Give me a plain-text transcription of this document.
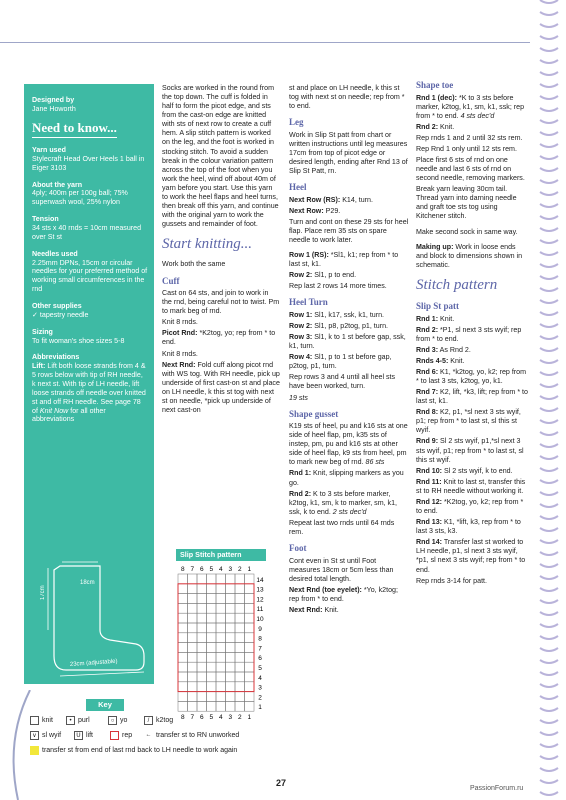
Designed by

Jane Howorth

Need to know...

Yarn used

Stylecraft Head Over Heels 1 ball in Eiger 3103

About the yarn

4ply; 400m per 100g ball; 75% superwash wool, 25% nylon

Tension

34 sts x 40 rnds = 10cm measured over St st

Needles used

2.25mm DPNs, 15cm or circular needles for your preferred method of working small circumferences in the rnd

Other supplies

✓ tapestry needle

Sizing

To fit woman's shoe sizes 5-8

Abbreviations

Lift: Lift both loose strands from 4 & 5 rows below with tip of RH needle, k next st. With tip of LH needle, lift loose strands off needle over knitted st and off RH needle. See page 78 of Knit Now for all other abbreviations

17cm
18cm
23cm (adjustable)

Socks are worked in the round from the top down. The cuff is folded in half to form the picot edge, and sts from the cast-on edge are knitted with sts of next row to create a cuff hem. A slip stitch pattern is worked on the leg, and the foot is worked in stocking stitch. To avoid a sudden break in the colour variation pattern across the top of the foot when you work the heel, wind off about 40m of yarn before you start. Use this yarn to work the heel flaps and heel turns, then break off this yarn, and continue with the original yarn to work the gussets and remainder of foot.

Start knitting...

Work both the same

Cuff

Cast on 64 sts, and join to work in the rnd, being careful not to twist. Pm to mark beg of rnd.

Knit 8 rnds.

Picot Rnd: *K2tog, yo; rep from * to end.

Knit 8 rnds.

Next Rnd: Fold cuff along picot rnd with WS tog. With RH needle, pick up underside of first cast-on st and place on LH needle, k this st tog with next st on needle, *pick up underside of next cast-on

Slip Stitch pattern
8
8
7
7
6
6
5
5
4
4
3
3
2
2
1
1
14
13
12
11
10
9
8
7
6
5
4
3
2
1

st and place on LH needle, k this st tog with next st on needle; rep from * to end.

Leg

Work in Slip St patt from chart or written instructions until leg measures 17cm from top of picot edge or desired length, ending after Rnd 13 of Slip St Patt, rn.

Heel

Next Row (RS): K14, turn.

Next Row: P29.

Turn and cont on these 29 sts for heel flap. Place rem 35 sts on spare needle to work later.

Row 1 (RS): *Sl1, k1; rep from * to last st, k1.

Row 2: Sl1, p to end.

Rep last 2 rows 14 more times.

Heel Turn

Row 1: Sl1, k17, ssk, k1, turn.

Row 2: Sl1, p8, p2tog, p1, turn.

Row 3: Sl1, k to 1 st before gap, ssk, k1, turn.

Row 4: Sl1, p to 1 st before gap, p2tog, p1, turn.

Rep rows 3 and 4 until all heel sts have been worked, turn.

19 sts

Shape gusset

K19 sts of heel, pu and k16 sts at one side of heel flap, pm, k35 sts of instep, pm, pu and k16 sts at other side of heel flap, k9 sts from heel, pm to mark new beg of rnd. 86 sts

Rnd 1: Knit, slipping markers as you go.

Rnd 2: K to 3 sts before marker, k2tog, k1, sm, k to marker, sm, k1, ssk, k to end. 2 sts dec'd

Repeat last two rnds until 64 rnds rem.

Foot

Cont even in St st until Foot measures 18cm or 5cm less than desired total length.

Next Rnd (toe eyelet): *Yo, k2tog; rep from * to end.

Next Rnd: Knit.

Shape toe

Rnd 1 (dec): *K to 3 sts before marker, k2tog, k1, sm, k1, ssk; rep from * to end. 4 sts dec'd

Rnd 2: Knit.

Rep rnds 1 and 2 until 32 sts rem.

Rep Rnd 1 only until 12 sts rem.

Place first 6 sts of rnd on one needle and last 6 sts of rnd on second needle, removing markers.

Break yarn leaving 30cm tail. Thread yarn into darning needle and graft toe sts tog using Kitchener stitch.

Make second sock in same way.

Making up: Work in loose ends and block to dimensions shown in schematic.

Stitch pattern
Slip St patt

Rnd 1: Knit.

Rnd 2: *P1, sl next 3 sts wyif; rep from * to end.

Rnd 3: As Rnd 2.

Rnds 4-5: Knit.

Rnd 6: K1, *k2tog, yo, k2; rep from * to last 3 sts, k2tog, yo, k1.

Rnd 7: K2, lift, *k3, lift; rep from * to last st, k1.

Rnd 8: K2, p1, *sl next 3 sts wyif, p1; rep from * to last st, sl this st wyif.

Rnd 9: Sl 2 sts wyif, p1,*sl next 3 sts wyif, p1; rep from * to last st, sl this st wyif.

Rnd 10: Sl 2 sts wyif, k to end.

Rnd 11: Knit to last st, transfer this st to RH needle without working it.

Rnd 12: *K2tog, yo, k2; rep from * to end.

Rnd 13: K1, *lift, k3, rep from * to last 3 sts, k3.

Rnd 14: Transfer last st worked to LH needle, p1, sl next 3 sts wyif, *p1, sl next 3 sts wyif; rep from * to end.

Rep rnds 3-14 for patt.

Key
knit	• purl	○ yo	/ k2tog
∨ sl wyif	ᑌ lift	rep ← transfer st to RN unworked
transfer st from end of last rnd back to LH needle to work again
27
PassionForum.ru
